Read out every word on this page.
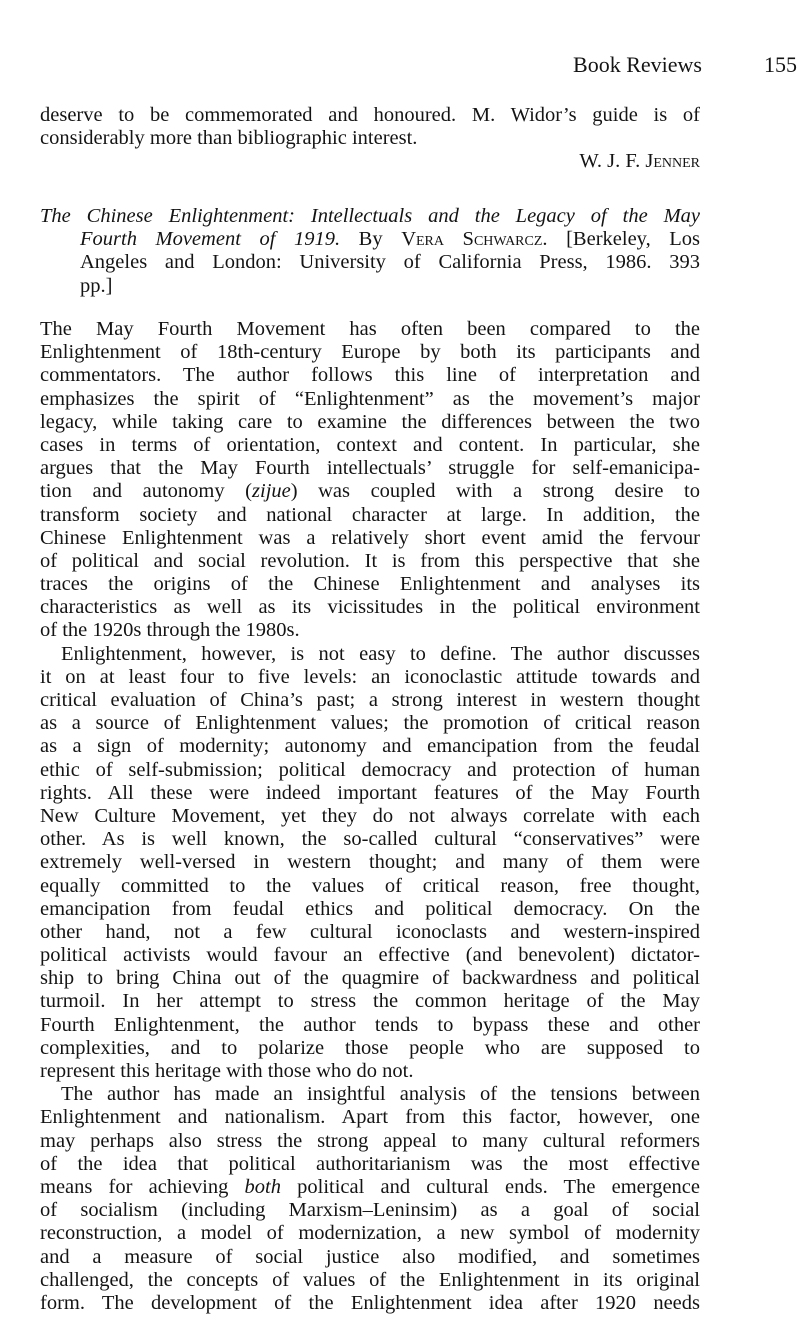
Book Reviews	155
deserve to be commemorated and honoured. M. Widor’s guide is of
considerably more than bibliographic interest.
W. J. F. Jenner
The Chinese Enlightenment: Intellectuals and the Legacy of the May
Fourth Movement of 1919. By Vera Schwarcz. [Berkeley, Los
Angeles and London: University of California Press, 1986. 393
pp.]
The May Fourth Movement has often been compared to the
Enlightenment of 18th-century Europe by both its participants and
commentators. The author follows this line of interpretation and
emphasizes the spirit of “Enlightenment” as the movement’s major
legacy, while taking care to examine the differences between the two
cases in terms of orientation, context and content. In particular, she
argues that the May Fourth intellectuals’ struggle for self-emanicipa-
tion and autonomy (zijue) was coupled with a strong desire to
transform society and national character at large. In addition, the
Chinese Enlightenment was a relatively short event amid the fervour
of political and social revolution. It is from this perspective that she
traces the origins of the Chinese Enlightenment and analyses its
characteristics as well as its vicissitudes in the political environment
of the 1920s through the 1980s.
Enlightenment, however, is not easy to define. The author discusses
it on at least four to five levels: an iconoclastic attitude towards and
critical evaluation of China’s past; a strong interest in western thought
as a source of Enlightenment values; the promotion of critical reason
as a sign of modernity; autonomy and emancipation from the feudal
ethic of self-submission; political democracy and protection of human
rights. All these were indeed important features of the May Fourth
New Culture Movement, yet they do not always correlate with each
other. As is well known, the so-called cultural “conservatives” were
extremely well-versed in western thought; and many of them were
equally committed to the values of critical reason, free thought,
emancipation from feudal ethics and political democracy. On the
other hand, not a few cultural iconoclasts and western-inspired
political activists would favour an effective (and benevolent) dictator-
ship to bring China out of the quagmire of backwardness and political
turmoil. In her attempt to stress the common heritage of the May
Fourth Enlightenment, the author tends to bypass these and other
complexities, and to polarize those people who are supposed to
represent this heritage with those who do not.
The author has made an insightful analysis of the tensions between
Enlightenment and nationalism. Apart from this factor, however, one
may perhaps also stress the strong appeal to many cultural reformers
of the idea that political authoritarianism was the most effective
means for achieving both political and cultural ends. The emergence
of socialism (including Marxism–Leninsim) as a goal of social
reconstruction, a model of modernization, a new symbol of modernity
and a measure of social justice also modified, and sometimes
challenged, the concepts of values of the Enlightenment in its original
form. The development of the Enlightenment idea after 1920 needs
